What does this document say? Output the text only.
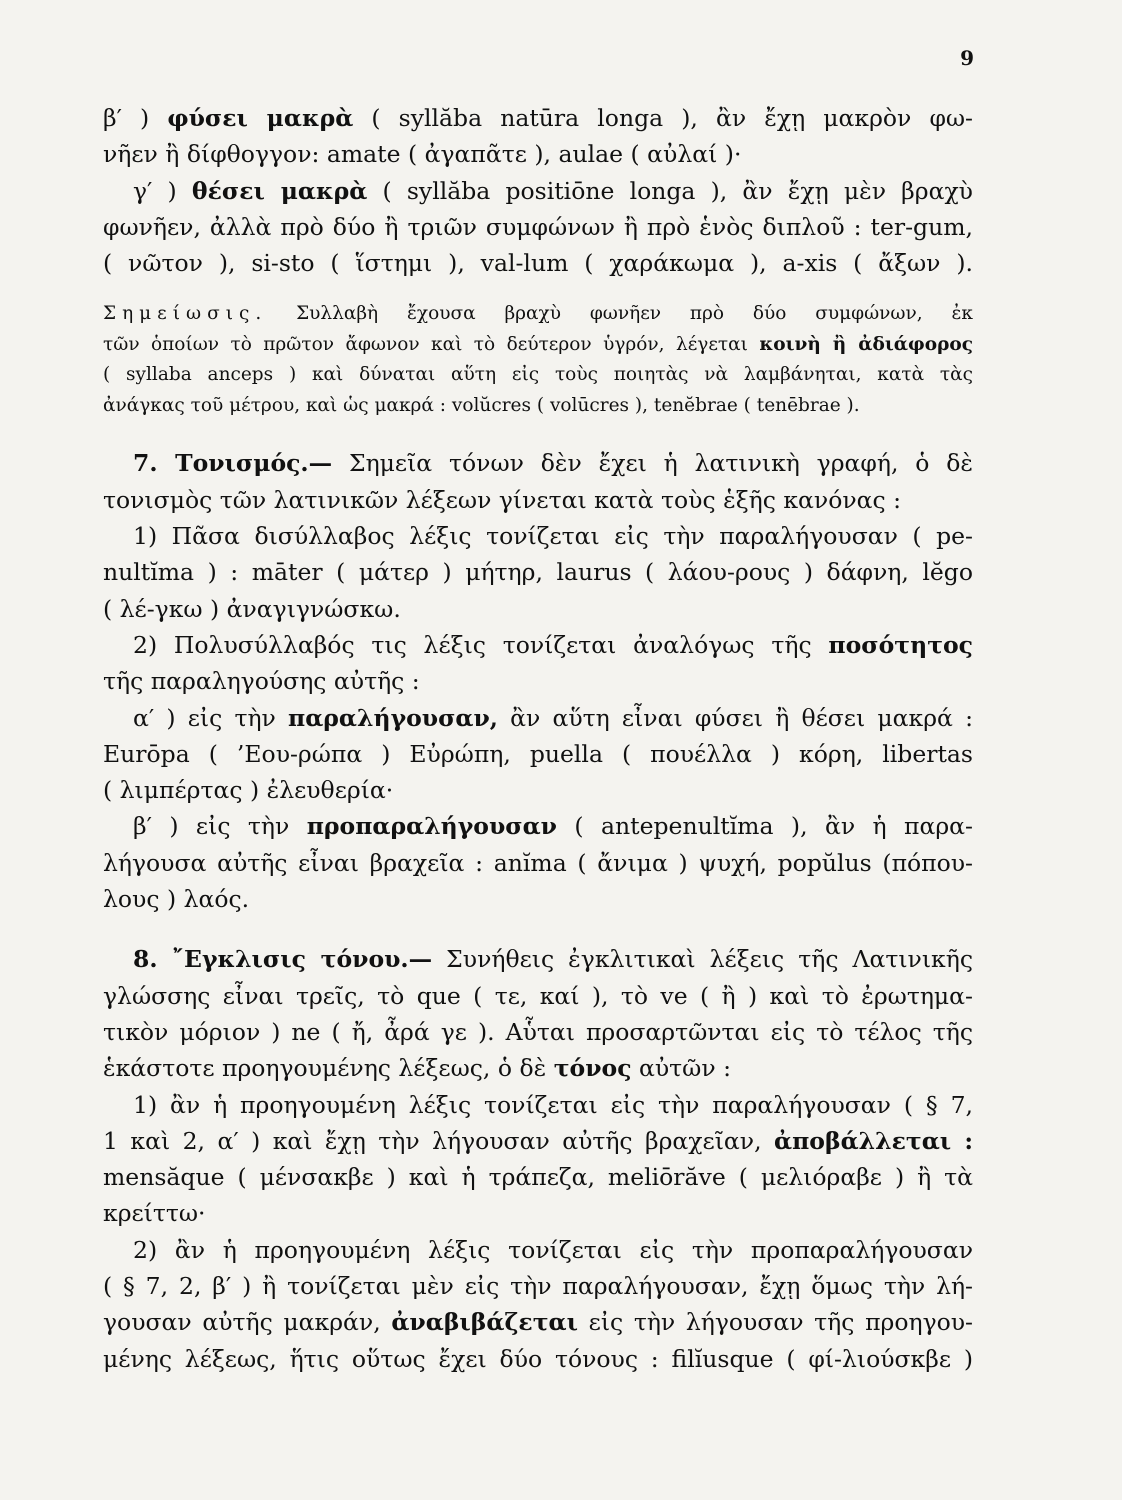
9
β′ ) φύσει μακρὰ ( syllăba natūra longa ), ἂν ἔχῃ μακρὸν φω-
νῆεν ἢ δίφθογγον: amate ( ἀγαπᾶτε ), aulae ( αὐλαί )·
γ′ ) θέσει μακρὰ ( syllăba positiōne longa ), ἂν ἔχῃ μὲν βραχὺ
φωνῆεν, ἀλλὰ πρὸ δύο ἢ τριῶν συμφώνων ἢ πρὸ ἑνὸς διπλοῦ : ter-gum,
( νῶτον ), si-sto ( ἵστημι ), val-lum ( χαράκωμα ), a-xis ( ἄξων ).
Σημείωσις. Συλλαβὴ ἔχουσα βραχὺ φωνῆεν πρὸ δύο συμφώνων, ἐκ
τῶν ὁποίων τὸ πρῶτον ἄφωνον καὶ τὸ δεύτερον ὑγρόν, λέγεται κοινὴ ἢ ἀδιάφορος
( syllaba anceps ) καὶ δύναται αὕτη εἰς τοὺς ποιητὰς νὰ λαμβάνηται, κατὰ τὰς
ἀνάγκας τοῦ μέτρου, καὶ ὡς μακρά : volŭcres ( volūcres ), tenĕbrae ( tenēbrae ).
7. Τονισμός.— Σημεῖα τόνων δὲν ἔχει ἡ λατινικὴ γραφή, ὁ δὲ
τονισμὸς τῶν λατινικῶν λέξεων γίνεται κατὰ τοὺς ἑξῆς κανόνας :
1) Πᾶσα δισύλλαβος λέξις τονίζεται εἰς τὴν παραλήγουσαν ( pe-
nultĭma ) : māter ( μάτερ ) μήτηρ, laurus ( λάου-ρους ) δάφνη, lĕgo
( λέ-γκω ) ἀναγιγνώσκω.
2) Πολυσύλλαβός τις λέξις τονίζεται ἀναλόγως τῆς ποσότητος
τῆς παραληγούσης αὐτῆς :
α′ ) εἰς τὴν παραλήγουσαν, ἂν αὕτη εἶναι φύσει ἢ θέσει μακρά :
Eurōpa ( ’Eου-ρώπα ) Εὐρώπη, puella ( πουέλλα ) κόρη, libertas
( λιμπέρτας ) ἐλευθερία·
β′ ) εἰς τὴν προπαραλήγουσαν ( antepenultĭma ), ἂν ἡ παρα-
λήγουσα αὐτῆς εἶναι βραχεῖα : anĭma ( ἄνιμα ) ψυχή, popŭlus (πόπου-
λους ) λαός.
8. ῎Eγκλισις τόνου.— Συνήθεις ἐγκλιτικαὶ λέξεις τῆς Λατινικῆς
γλώσσης εἶναι τρεῖς, τὸ que ( τε, καί ), τὸ ve ( ἢ ) καὶ τὸ ἐρωτημα-
τικὸν μόριον ) ne ( ἤ, ἆρά γε ). Αὗται προσαρτῶνται εἰς τὸ τέλος τῆς
ἑκάστοτε προηγουμένης λέξεως, ὁ δὲ τόνος αὐτῶν :
1) ἂν ἡ προηγουμένη λέξις τονίζεται εἰς τὴν παραλήγουσαν ( § 7,
1 καὶ 2, α′ ) καὶ ἔχῃ τὴν λήγουσαν αὐτῆς βραχεῖαν, ἀποβάλλεται :
mensăque ( μένσακβε ) καὶ ἡ τράπεζα, meliōrăve ( μελιόραβε ) ἢ τὰ
κρείττω·
2) ἂν ἡ προηγουμένη λέξις τονίζεται εἰς τὴν προπαραλήγουσαν
( § 7, 2, β′ ) ἢ τονίζεται μὲν εἰς τὴν παραλήγουσαν, ἔχῃ ὅμως τὴν λή-
γουσαν αὐτῆς μακράν, ἀναβιβάζεται εἰς τὴν λήγουσαν τῆς προηγου-
μένης λέξεως, ἥτις οὕτως ἔχει δύο τόνους : filĭusque ( φί-λιούσκβε )
